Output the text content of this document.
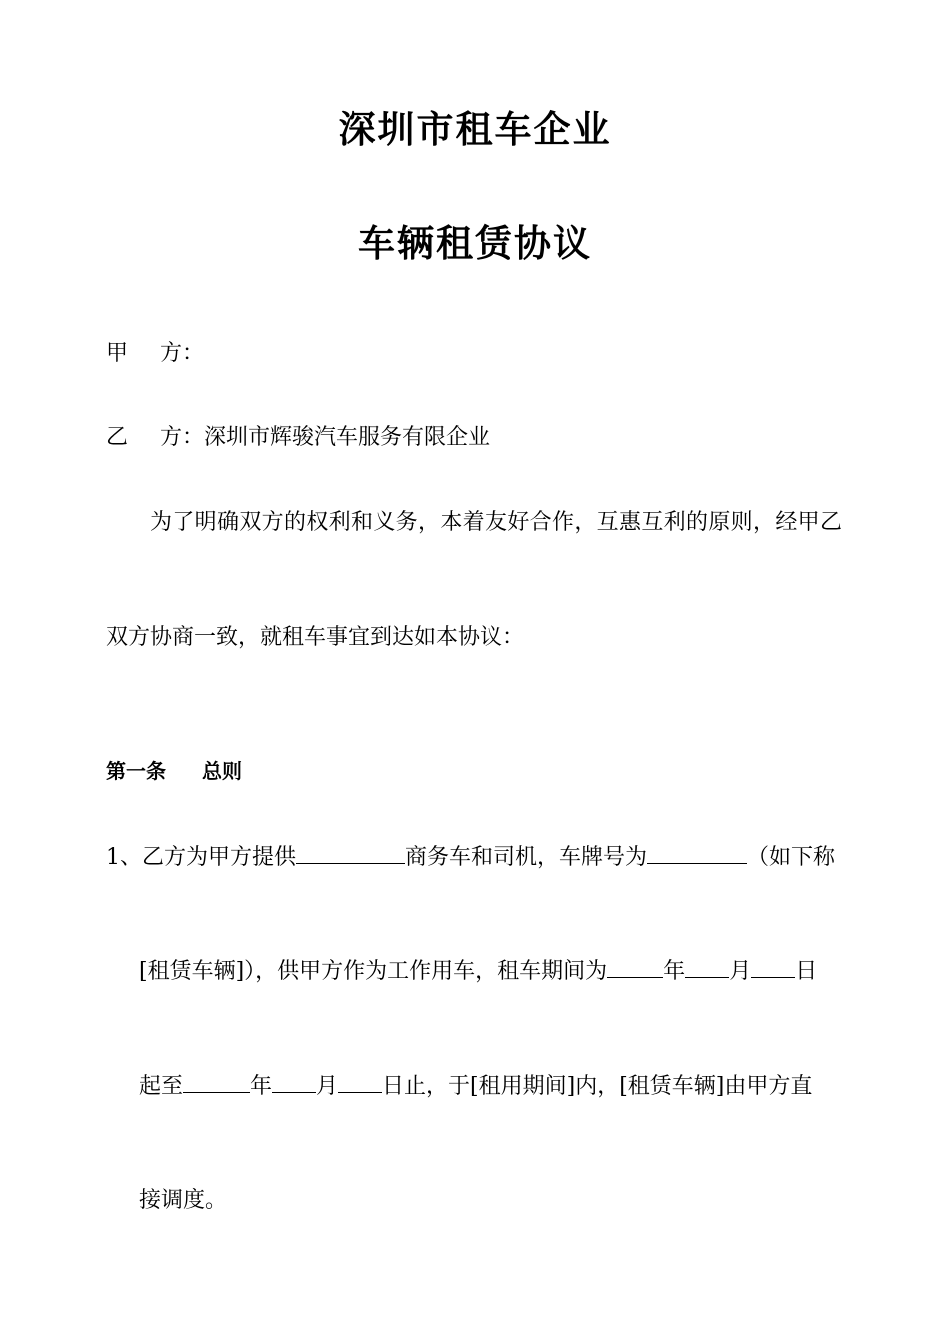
深圳市租车企业
车辆租赁协议
甲 方：
乙 方：深圳市辉骏汽车服务有限企业
为了明确双方的权利和义务，本着友好合作，互惠互利的原则，经甲乙
双方协商一致，就租车事宜到达如本协议：
第一条 总则
1、乙方为甲方提供	商务车和司机，车牌号为	（如下称
[租赁车辆]），供甲方作为工作用车，租车期间为	年 月 日
起至	年 月 日止，于[租用期间]内，[租赁车辆]由甲方直
接调度。
